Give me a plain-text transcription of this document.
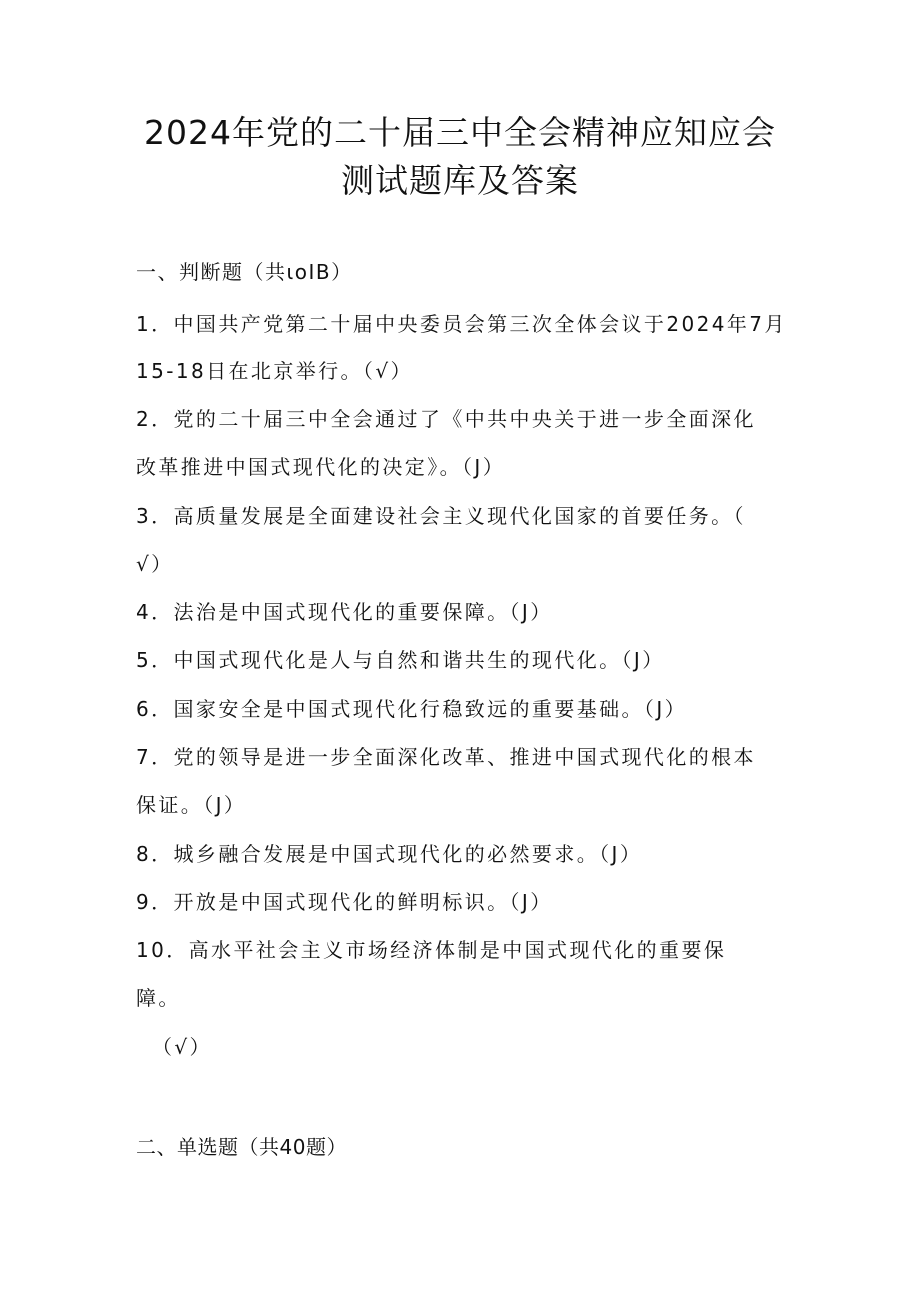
2024年党的二十届三中全会精神应知应会
测试题库及答案
一、判断题（共ιoIB）
1．中国共产党第二十届中央委员会第三次全体会议于2024年7月
15-18日在北京举行。（√）
2．党的二十届三中全会通过了《中共中央关于进一步全面深化
改革推进中国式现代化的决定》。（J）
3．高质量发展是全面建设社会主义现代化国家的首要任务。（
√）
4．法治是中国式现代化的重要保障。（J）
5．中国式现代化是人与自然和谐共生的现代化。（J）
6．国家安全是中国式现代化行稳致远的重要基础。（J）
7．党的领导是进一步全面深化改革、推进中国式现代化的根本
保证。（J）
8．城乡融合发展是中国式现代化的必然要求。（J）
9．开放是中国式现代化的鲜明标识。（J）
10．高水平社会主义市场经济体制是中国式现代化的重要保
障。
（√）
二、单选题（共40题）
